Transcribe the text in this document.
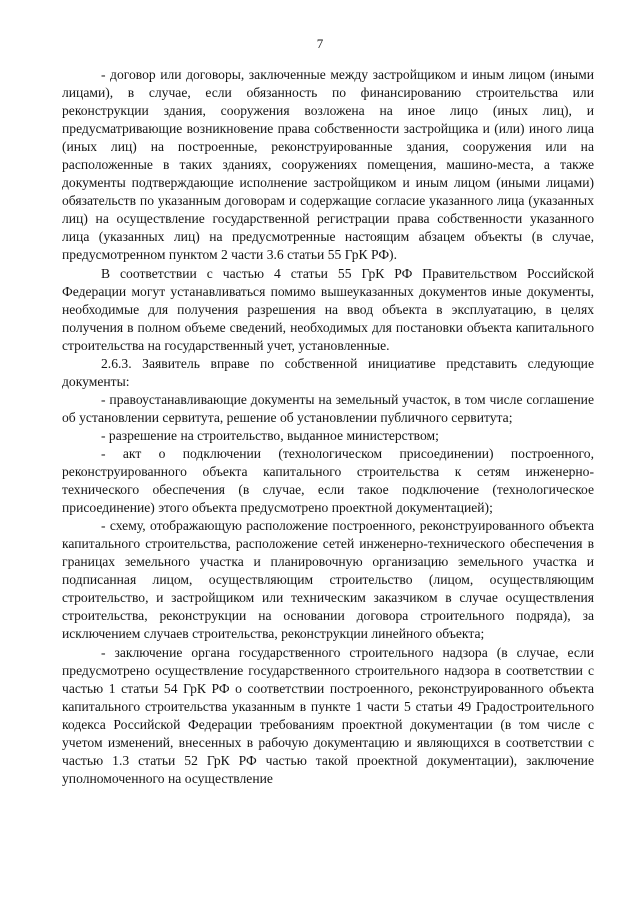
7

- договор или договоры, заключенные между застройщиком и иным лицом (иными лицами), в случае, если обязанность по финансированию строительства или реконструкции здания, сооружения возложена на иное лицо (иных лиц), и предусматривающие возникновение права собственности застройщика и (или) иного лица (иных лиц) на построенные, реконструированные здания, сооружения или на расположенные в таких зданиях, сооружениях помещения, машино-места, а также документы подтверждающие исполнение застройщиком и иным лицом (иными лицами) обязательств по указанным договорам и содержащие согласие указанного лица (указанных лиц) на осуществление государственной регистрации права собственности указанного лица (указанных лиц) на предусмотренные настоящим абзацем объекты (в случае, предусмотренном пунктом 2 части 3.6 статьи 55 ГрК РФ).

В соответствии с частью 4 статьи 55 ГрК РФ Правительством Российской Федерации могут устанавливаться помимо вышеуказанных документов иные документы, необходимые для получения разрешения на ввод объекта в эксплуатацию, в целях получения в полном объеме сведений, необходимых для постановки объекта капитального строительства на государственный учет, установленные.

2.6.3. Заявитель вправе по собственной инициативе представить следующие документы:

- правоустанавливающие документы на земельный участок, в том числе соглашение об установлении сервитута, решение об установлении публичного сервитута;

- разрешение на строительство, выданное министерством;

- акт о подключении (технологическом присоединении) построенного, реконструированного объекта капитального строительства к сетям инженерно-технического обеспечения (в случае, если такое подключение (технологическое присоединение) этого объекта предусмотрено проектной документацией);

- схему, отображающую расположение построенного, реконструированного объекта капитального строительства, расположение сетей инженерно-технического обеспечения в границах земельного участка и планировочную организацию земельного участка и подписанная лицом, осуществляющим строительство (лицом, осуществляющим строительство, и застройщиком или техническим заказчиком в случае осуществления строительства, реконструкции на основании договора строительного подряда), за исключением случаев строительства, реконструкции линейного объекта;

- заключение органа государственного строительного надзора (в случае, если предусмотрено осуществление государственного строительного надзора в соответствии с частью 1 статьи 54 ГрК РФ о соответствии построенного, реконструированного объекта капитального строительства указанным в пункте 1 части 5 статьи 49 Градостроительного кодекса Российской Федерации требованиям проектной документации (в том числе с учетом изменений, внесенных в рабочую документацию и являющихся в соответствии с частью 1.3 статьи 52 ГрК РФ частью такой проектной документации), заключение уполномоченного на осуществление
